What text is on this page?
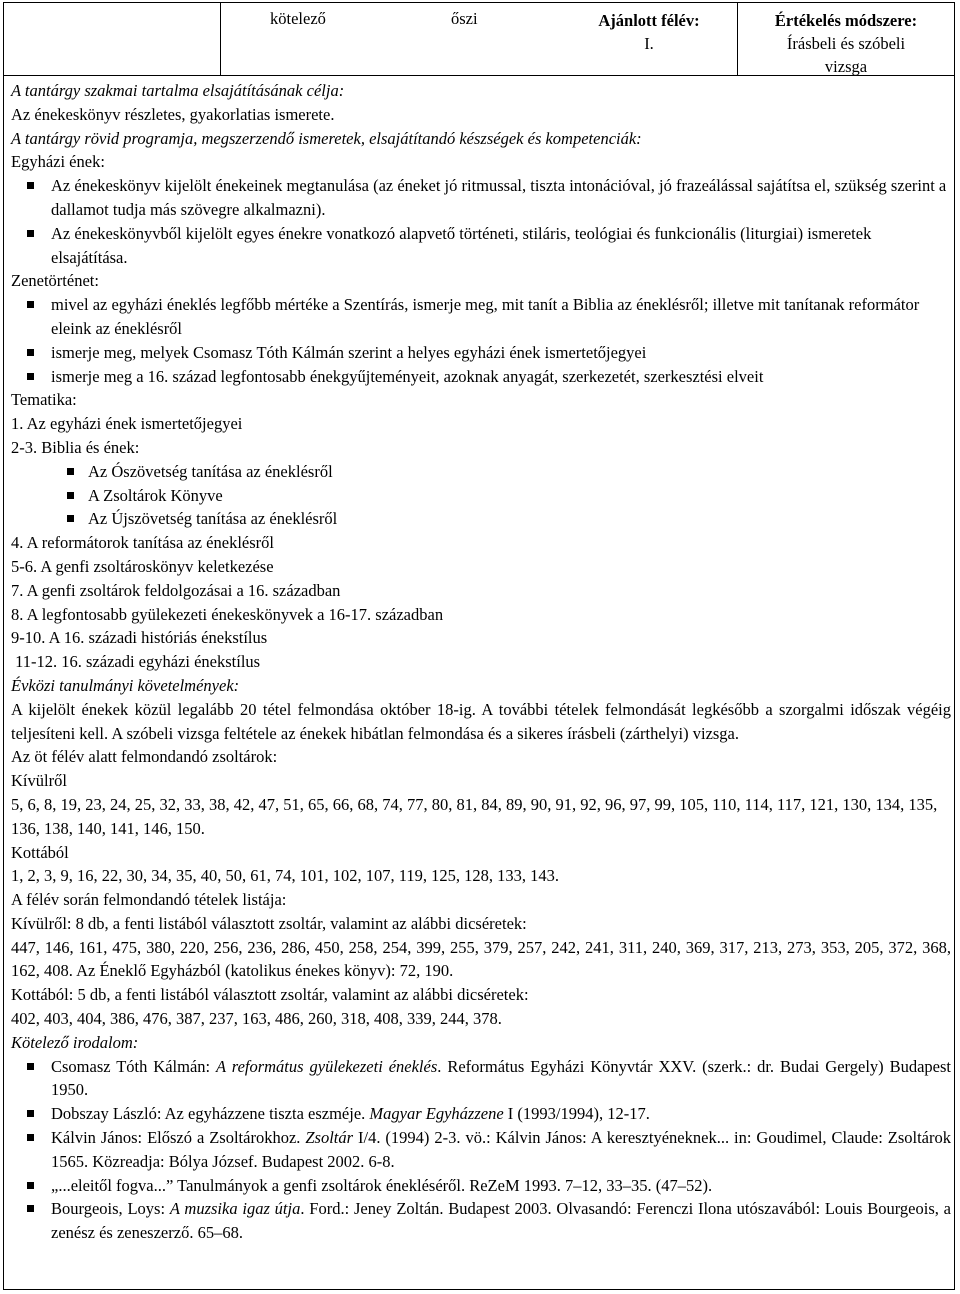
kötelező	őszi	Ajánlott félév:
I.
Értékelés módszere:
Írásbeli és szóbeli
vizsga
A tantárgy szakmai tartalma elsajátításának célja:
Az énekeskönyv részletes, gyakorlatias ismerete.
A tantárgy rövid programja, megszerzendő ismeretek, elsajátítandó készségek és kompetenciák:
Egyházi ének:
Az énekeskönyv kijelölt énekeinek megtanulása (az éneket jó ritmussal, tiszta intonációval, jó frazeálással sajátítsa el, szükség szerint a dallamot tudja más szövegre alkalmazni).
Az énekeskönyvből kijelölt egyes énekre vonatkozó alapvető történeti, stiláris, teológiai és funkcionális (liturgiai) ismeretek elsajátítása.
Zenetörténet:
mivel az egyházi éneklés legfőbb mértéke a Szentírás, ismerje meg, mit tanít a Biblia az éneklésről; illetve mit tanítanak reformátor eleink az éneklésről
ismerje meg, melyek Csomasz Tóth Kálmán szerint a helyes egyházi ének ismertetőjegyei
ismerje meg a 16. század legfontosabb énekgyűjteményeit, azoknak anyagát, szerkezetét, szerkesztési elveit
Tematika:
1. Az egyházi ének ismertetőjegyei
2-3. Biblia és ének:
Az Ószövetség tanítása az éneklésről
A Zsoltárok Könyve
Az Újszövetség tanítása az éneklésről
4. A reformátorok tanítása az éneklésről
5-6. A genfi zsoltároskönyv keletkezése
7. A genfi zsoltárok feldolgozásai a 16. században
8. A legfontosabb gyülekezeti énekeskönyvek a 16-17. században
9-10. A 16. századi históriás énekstílus
11-12. 16. századi egyházi énekstílus
Évközi tanulmányi követelmények:
A kijelölt énekek közül legalább 20 tétel felmondása október 18-ig. A további tételek felmondását legkésőbb a szorgalmi időszak végéig teljesíteni kell. A szóbeli vizsga feltétele az énekek hibátlan felmondása és a sikeres írásbeli (zárthelyi) vizsga.
Az öt félév alatt felmondandó zsoltárok:
Kívülről
5, 6, 8, 19, 23, 24, 25, 32, 33, 38, 42, 47, 51, 65, 66, 68, 74, 77, 80, 81, 84, 89, 90, 91, 92, 96, 97, 99, 105, 110, 114, 117, 121, 130, 134, 135, 136, 138, 140, 141, 146, 150.
Kottából
1, 2, 3, 9, 16, 22, 30, 34, 35, 40, 50, 61, 74, 101, 102, 107, 119, 125, 128, 133, 143.
A félév során felmondandó tételek listája:
Kívülről: 8 db, a fenti listából választott zsoltár, valamint az alábbi dicséretek:
447, 146, 161, 475, 380, 220, 256, 236, 286, 450, 258, 254, 399, 255, 379, 257, 242, 241, 311, 240, 369, 317, 213, 273, 353, 205, 372, 368, 162, 408. Az Éneklő Egyházból (katolikus énekes könyv): 72, 190.
Kottából: 5 db, a fenti listából választott zsoltár, valamint az alábbi dicséretek:
402, 403, 404, 386, 476, 387, 237, 163, 486, 260, 318, 408, 339, 244, 378.
Kötelező irodalom:
Csomasz Tóth Kálmán: A református gyülekezeti éneklés. Református Egyházi Könyvtár XXV. (szerk.: dr. Budai Gergely) Budapest 1950.
Dobszay László: Az egyházzene tiszta eszméje. Magyar Egyházzene I (1993/1994), 12-17.
Kálvin János: Előszó a Zsoltárokhoz. Zsoltár I/4. (1994) 2-3. vö.: Kálvin János: A keresztyéneknek... in: Goudimel, Claude: Zsoltárok 1565. Közreadja: Bólya József. Budapest 2002. 6-8.
„...eleitől fogva...” Tanulmányok a genfi zsoltárok énekléséről. ReZeM 1993. 7–12, 33–35. (47–52).
Bourgeois, Loys: A muzsika igaz útja. Ford.: Jeney Zoltán. Budapest 2003. Olvasandó: Ferenczi Ilona utószavából: Louis Bourgeois, a zenész és zeneszerző. 65–68.
